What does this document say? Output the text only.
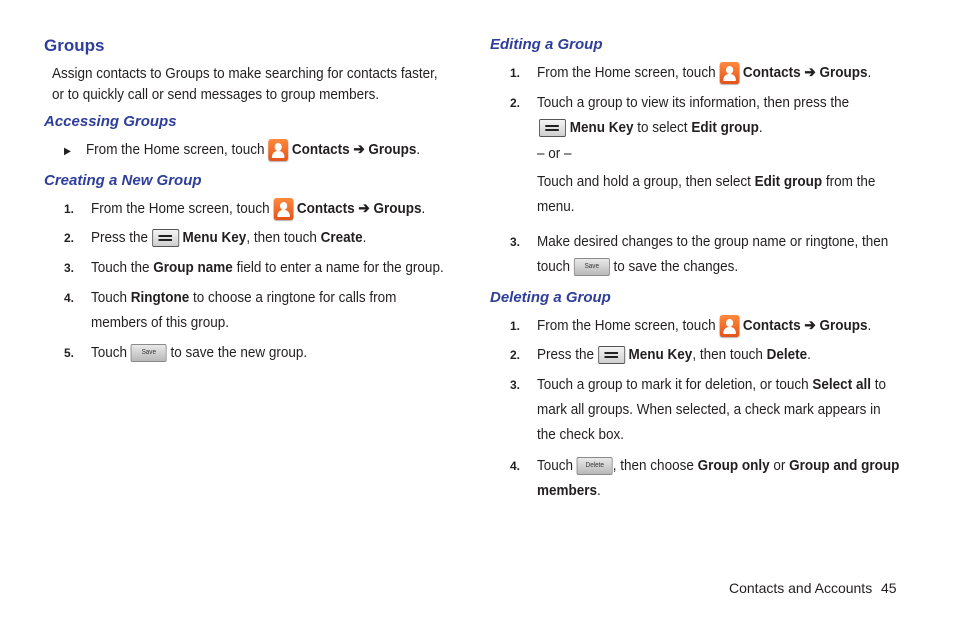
Groups
Assign contacts to Groups to make searching for contacts faster,
or to quickly call or send messages to group members.
Accessing Groups
▶ From the Home screen, touch Contacts ➔ Groups.
Creating a New Group
1. From the Home screen, touch Contacts ➔ Groups.
2. Press the Menu Key, then touch Create.
3. Touch the Group name field to enter a name for the group.
4. Touch Ringtone to choose a ringtone for calls from
members of this group.
5. Touch Save to save the new group.
Editing a Group
1. From the Home screen, touch Contacts ➔ Groups.
2. Touch a group to view its information, then press the
Menu Key to select Edit group.
– or –
Touch and hold a group, then select Edit group from the
menu.
3. Make desired changes to the group name or ringtone, then
touch Save to save the changes.
Deleting a Group
1. From the Home screen, touch Contacts ➔ Groups.
2. Press the Menu Key, then touch Delete.
3. Touch a group to mark it for deletion, or touch Select all to
mark all groups. When selected, a check mark appears in
the check box.
4. Touch Delete , then choose Group only or Group and group
members.
Contacts and Accounts 45
